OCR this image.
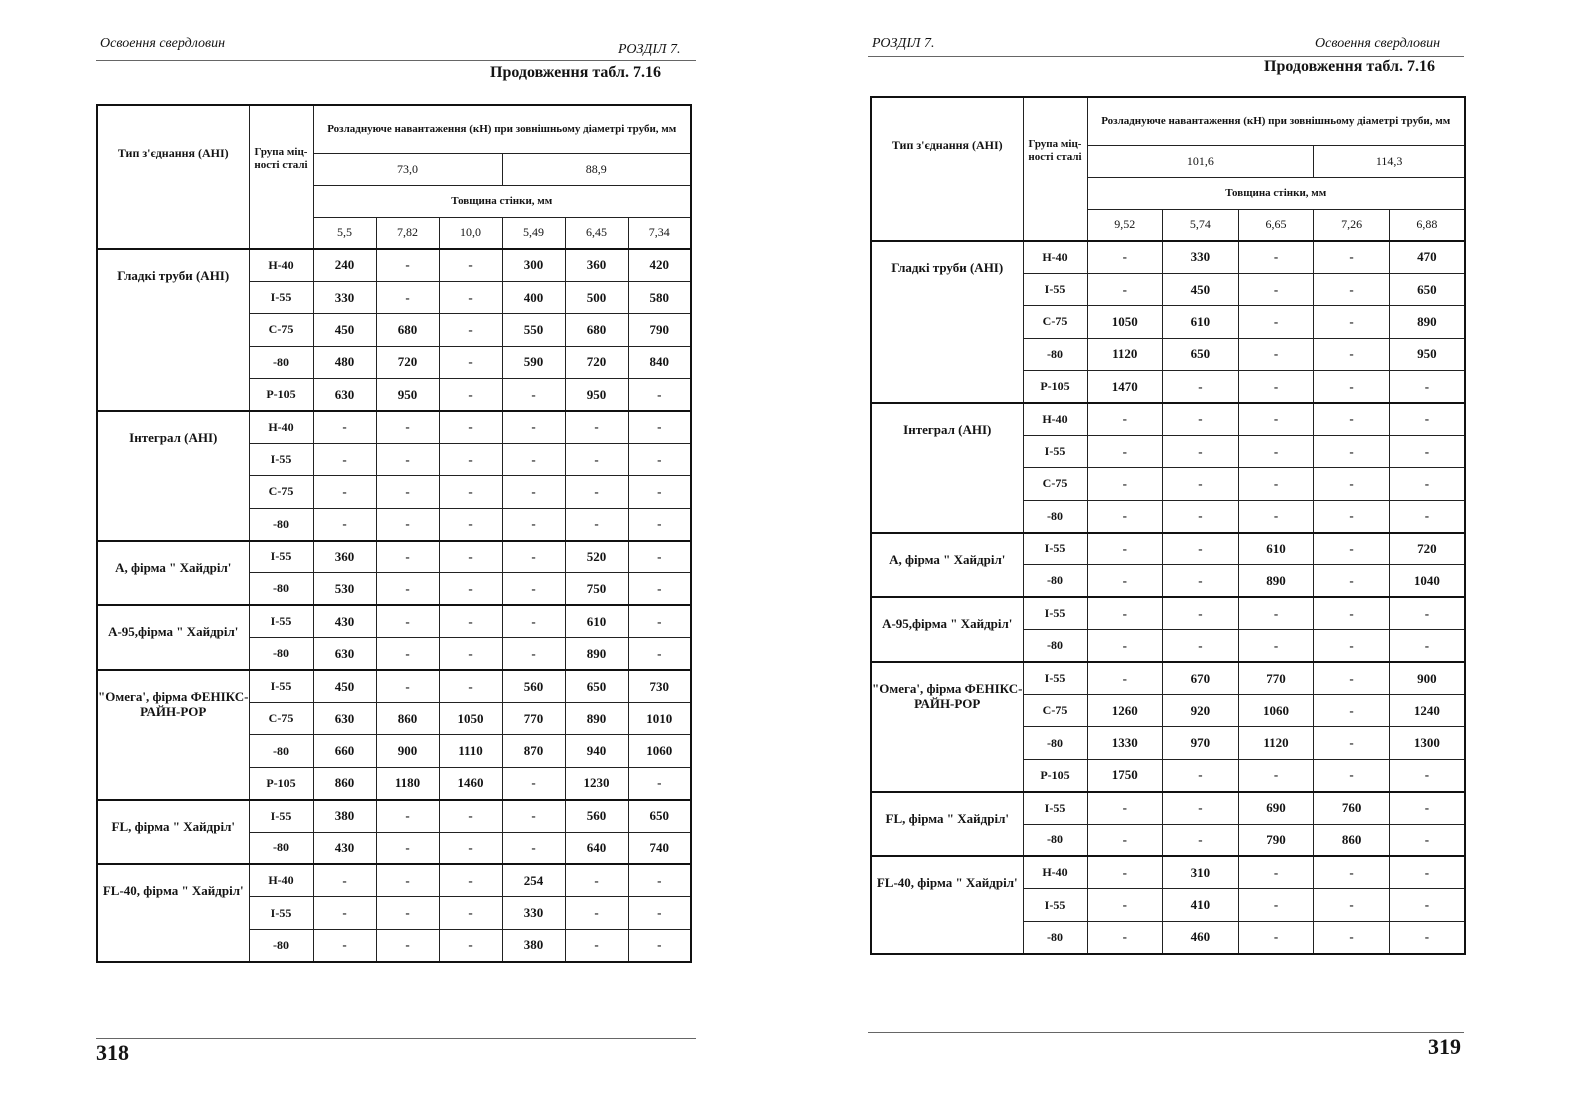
Освоення свердловин	РОЗДІЛ 7.
Продовження табл. 7.16
Тип з'єднання (АНІ)	Група міц-ності сталі	Розладнуюче навантаження (кН) при зовнішньому діаметрі труби, мм					
		73,0			88,9		
		Товщина стінки, мм					
		5,5	7,82	10,0	5,49	6,45	7,34
Гладкі труби (АНІ)	Н-40	240	-	-	300	360	420
	І-55	330	-	-	400	500	580
	С-75	450	680	-	550	680	790
	-80	480	720	-	590	720	840
	Р-105	630	950	-	-	950	-
Інтеграл (АНІ)	Н-40	-	-	-	-	-	-
	І-55	-	-	-	-	-	-
	С-75	-	-	-	-	-	-
	-80	-	-	-	-	-	-
А, фірма " Хайдріл'	І-55	360	-	-	-	520	-
	-80	530	-	-	-	750	-
А-95,фірма " Хайдріл'	І-55	430	-	-	-	610	-
	-80	630	-	-	-	890	-
"Омега', фірма ФЕНІКС-РАЙН-РОР	І-55	450	-	-	560	650	730
	С-75	630	860	1050	770	890	1010
	-80	660	900	1110	870	940	1060
	Р-105	860	1180	1460	-	1230	-
FL, фірма " Хайдріл'	І-55	380	-	-	-	560	650
	-80	430	-	-	-	640	740
FL-40, фірма " Хайдріл'	Н-40	-	-	-	254	-	-
	І-55	-	-	-	330	-	-
	-80	-	-	-	380	-	-
318
РОЗДІЛ 7.	Освоення свердловин
Продовження табл. 7.16
Тип з'єднання (АНІ)	Група міц-ності сталі	Розладнуюче навантаження (кН) при зовнішньому діаметрі труби, мм				
		101,6			114,3	
		Товщина стінки, мм				
		9,52	5,74	6,65	7,26	6,88
Гладкі труби (АНІ)	Н-40	-	330	-	-	470
	І-55	-	450	-	-	650
	С-75	1050	610	-	-	890
	-80	1120	650	-	-	950
	Р-105	1470	-	-	-	-
Інтеграл (АНІ)	Н-40	-	-	-	-	-
	І-55	-	-	-	-	-
	С-75	-	-	-	-	-
	-80	-	-	-	-	-
А, фірма " Хайдріл'	І-55	-	-	610	-	720
	-80	-	-	890	-	1040
А-95,фірма " Хайдріл'	І-55	-	-	-	-	-
	-80	-	-	-	-	-
"Омега', фірма ФЕНІКС-РАЙН-РОР	І-55	-	670	770	-	900
	С-75	1260	920	1060	-	1240
	-80	1330	970	1120	-	1300
	Р-105	1750	-	-	-	-
FL, фірма " Хайдріл'	І-55	-	-	690	760	-
	-80	-	-	790	860	-
FL-40, фірма " Хайдріл'	Н-40	-	310	-	-	-
	І-55	-	410	-	-	-
	-80	-	460	-	-	-
319
